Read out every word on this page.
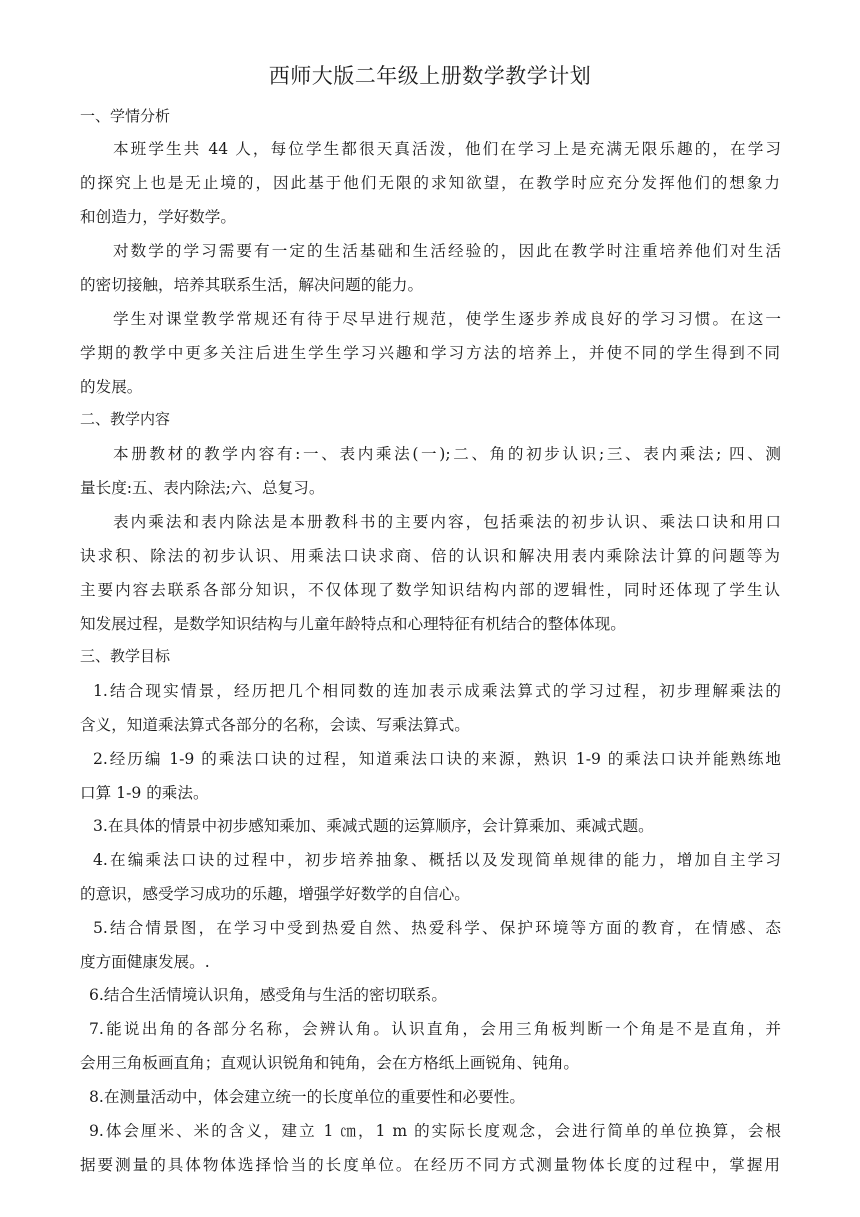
西师大版二年级上册数学教学计划
一、学情分析
本班学生共 44 人，每位学生都很天真活泼，他们在学习上是充满无限乐趣的，在学习
的探究上也是无止境的，因此基于他们无限的求知欲望，在教学时应充分发挥他们的想象力
和创造力，学好数学。
对数学的学习需要有一定的生活基础和生活经验的，因此在教学时注重培养他们对生活
的密切接触，培养其联系生活，解决问题的能力。
学生对课堂教学常规还有待于尽早进行规范，使学生逐步养成良好的学习习惯。在这一
学期的教学中更多关注后进生学生学习兴趣和学习方法的培养上，并使不同的学生得到不同
的发展。
二、教学内容
本册教材的教学内容有:一、表内乘法(一);二、角的初步认识;三、表内乘法; 四、测
量长度:五、表内除法;六、总复习。
表内乘法和表内除法是本册教科书的主要内容，包括乘法的初步认识、乘法口诀和用口
诀求积、除法的初步认识、用乘法口诀求商、倍的认识和解决用表内乘除法计算的问题等为
主要内容去联系各部分知识，不仅体现了数学知识结构内部的逻辑性，同时还体现了学生认
知发展过程，是数学知识结构与儿童年龄特点和心理特征有机结合的整体体现。
三、教学目标
1.结合现实情景，经历把几个相同数的连加表示成乘法算式的学习过程，初步理解乘法的
含义，知道乘法算式各部分的名称，会读、写乘法算式。
2.经历编 1-9 的乘法口诀的过程，知道乘法口诀的来源，熟识 1-9 的乘法口诀并能熟练地
口算 1-9 的乘法。
3.在具体的情景中初步感知乘加、乘减式题的运算顺序，会计算乘加、乘减式题。
4.在编乘法口诀的过程中，初步培养抽象、概括以及发现简单规律的能力，增加自主学习
的意识，感受学习成功的乐趣，增强学好数学的自信心。
5.结合情景图，在学习中受到热爱自然、热爱科学、保护环境等方面的教育，在情感、态
度方面健康发展。.
6.结合生活情境认识角，感受角与生活的密切联系。
7.能说出角的各部分名称，会辨认角。认识直角，会用三角板判断一个角是不是直角，并
会用三角板画直角；直观认识锐角和钝角，会在方格纸上画锐角、钝角。
8.在测量活动中，体会建立统一的长度单位的重要性和必要性。
9.体会厘米、米的含义，建立 1 ㎝，1 m 的实际长度观念，会进行简单的单位换算，会根
据要测量的具体物体选择恰当的长度单位。在经历不同方式测量物体长度的过程中，掌握用
